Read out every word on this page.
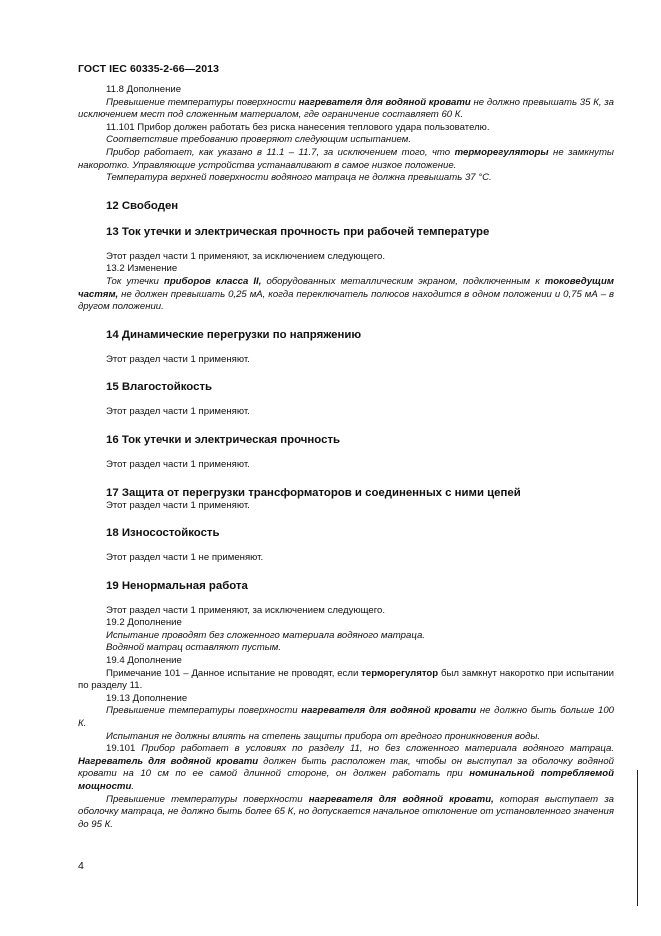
ГОСТ IEC 60335-2-66—2013

11.8 Дополнение

Превышение температуры поверхности нагревателя для водяной кровати не должно превышать 35 К, за исключением мест под сложенным материалом, где ограничение составляет 60 К.

11.101 Прибор должен работать без риска нанесения теплового удара пользователю.

Соответствие требованию проверяют следующим испытанием.

Прибор работает, как указано в 11.1 – 11.7, за исключением того, что терморегуляторы не замкнуты накоротко. Управляющие устройства устанавливают в самое низкое положение.

Температура верхней поверхности водяного матраца не должна превышать 37 °С.

12 Свободен

13 Ток утечки и электрическая прочность при рабочей температуре

Этот раздел части 1 применяют, за исключением следующего.

13.2 Изменение

Ток утечки приборов класса II, оборудованных металлическим экраном, подключенным к токоведущим частям, не должен превышать 0,25 мА, когда переключатель полюсов находится в одном положении и 0,75 мА – в другом положении.

14 Динамические перегрузки по напряжению

Этот раздел части 1 применяют.

15 Влагостойкость

Этот раздел части 1 применяют.

16 Ток утечки и электрическая прочность

Этот раздел части 1 применяют.

17 Защита от перегрузки трансформаторов и соединенных с ними цепей

Этот раздел части 1 применяют.

18 Износостойкость

Этот раздел части 1 не применяют.

19 Ненормальная работа

Этот раздел части 1 применяют, за исключением следующего.

19.2 Дополнение

Испытание проводят без сложенного материала водяного матраца.

Водяной матрац оставляют пустым.

19.4 Дополнение

Примечание 101 – Данное испытание не проводят, если терморегулятор был замкнут накоротко при испытании по разделу 11.

19.13 Дополнение

Превышение температуры поверхности нагревателя для водяной кровати не должно быть больше 100 К.

Испытания не должны влиять на степень защиты прибора от вредного проникновения воды.

19.101 Прибор работает в условиях по разделу 11, но без сложенного материала водяного матраца. Нагреватель для водяной кровати должен быть расположен так, чтобы он выступал за оболочку водяной кровати на 10 см по ее самой длинной стороне, он должен работать при номинальной потребляемой мощности.

Превышение температуры поверхности нагревателя для водяной кровати, которая выступает за оболочку матраца, не должно быть более 65 К, но допускается начальное отклонение от установленного значения до 95 К.

4
